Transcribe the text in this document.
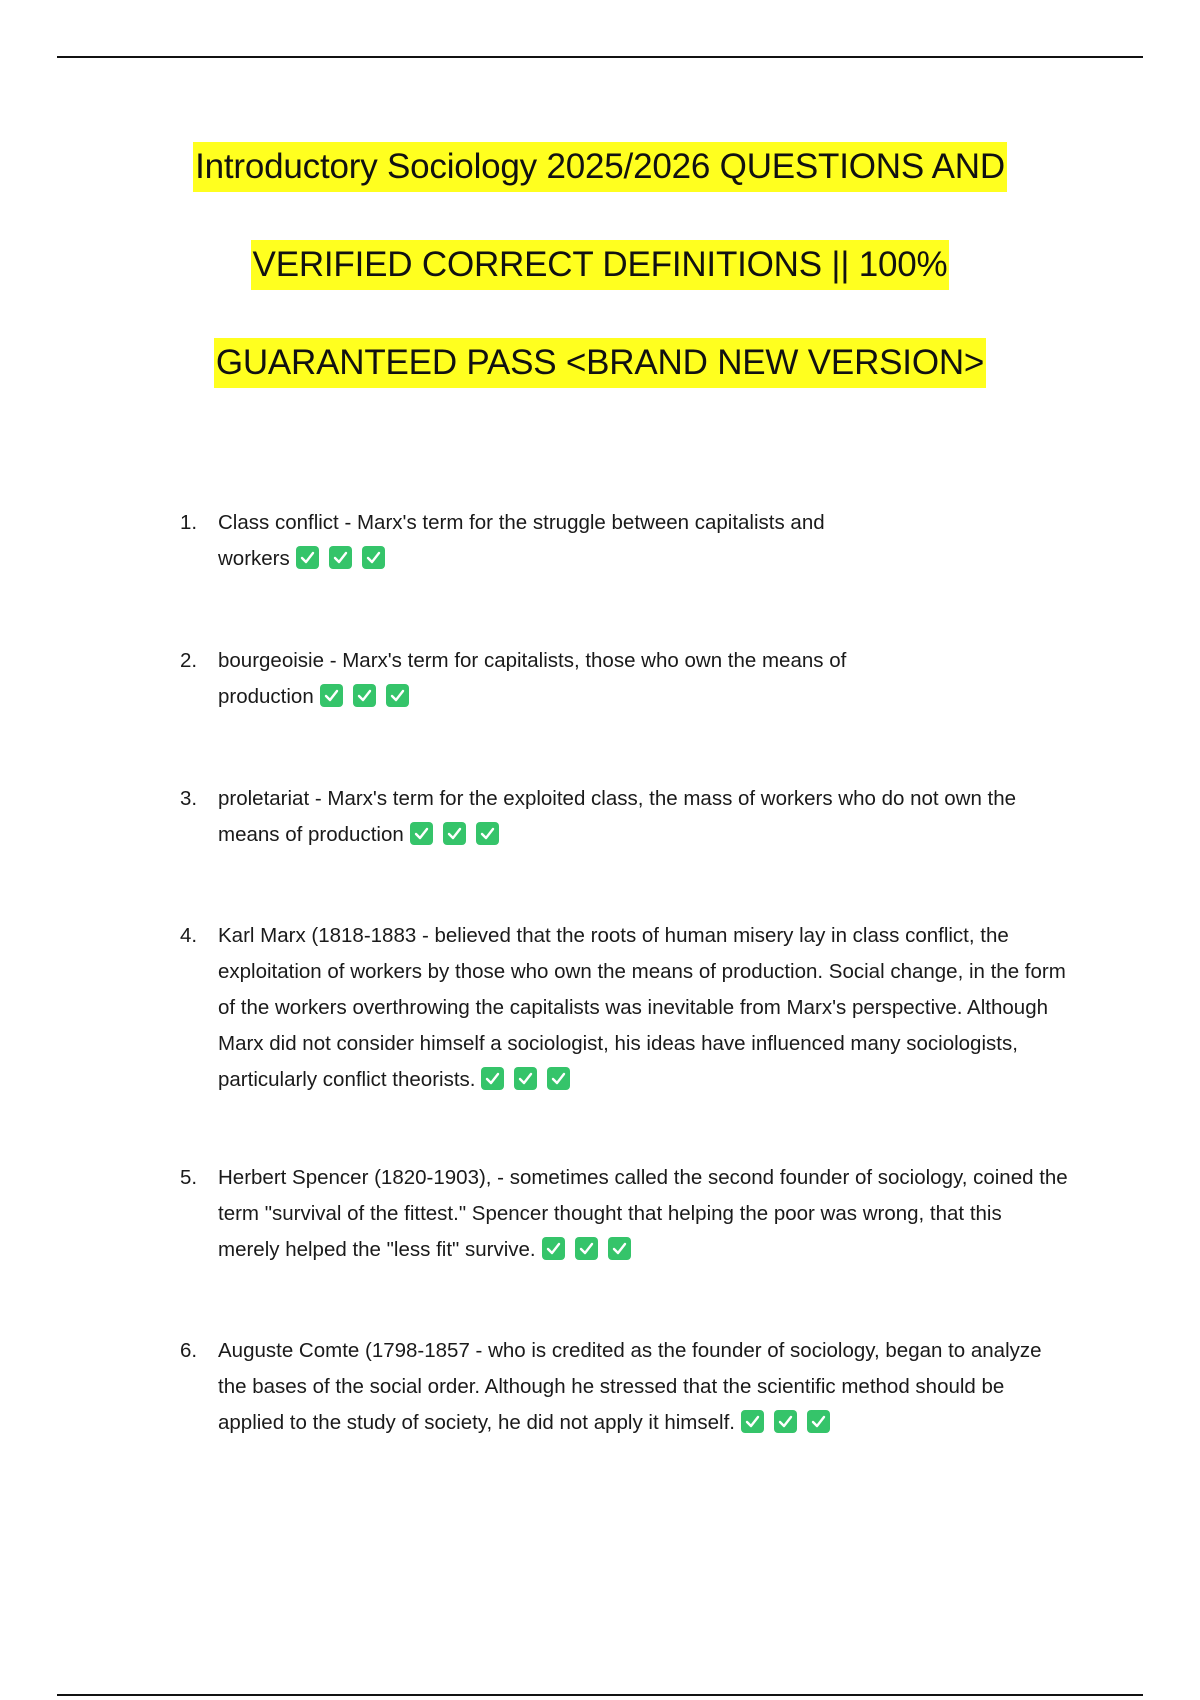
Introductory Sociology 2025/2026 QUESTIONS AND
VERIFIED CORRECT DEFINITIONS || 100%
GUARANTEED PASS <BRAND NEW VERSION>
1.	Class conflict - Marx's term for the struggle between capitalists and workers
2.	bourgeoisie - Marx's term for capitalists, those who own the means of production
3.	proletariat - Marx's term for the exploited class, the mass of workers who do not own the means of production
4.	Karl Marx (1818-1883 - believed that the roots of human misery lay in class conflict, the exploitation of workers by those who own the means of production. Social change, in the form of the workers overthrowing the capitalists was inevitable from Marx's perspective. Although Marx did not consider himself a sociologist, his ideas have influenced many sociologists, particularly conflict theorists.
5.	Herbert Spencer (1820-1903), - sometimes called the second founder of sociology, coined the term "survival of the fittest." Spencer thought that helping the poor was wrong, that this merely helped the "less fit" survive.
6.	Auguste Comte (1798-1857 - who is credited as the founder of sociology, began to analyze the bases of the social order. Although he stressed that the scientific method should be applied to the study of society, he did not apply it himself.
